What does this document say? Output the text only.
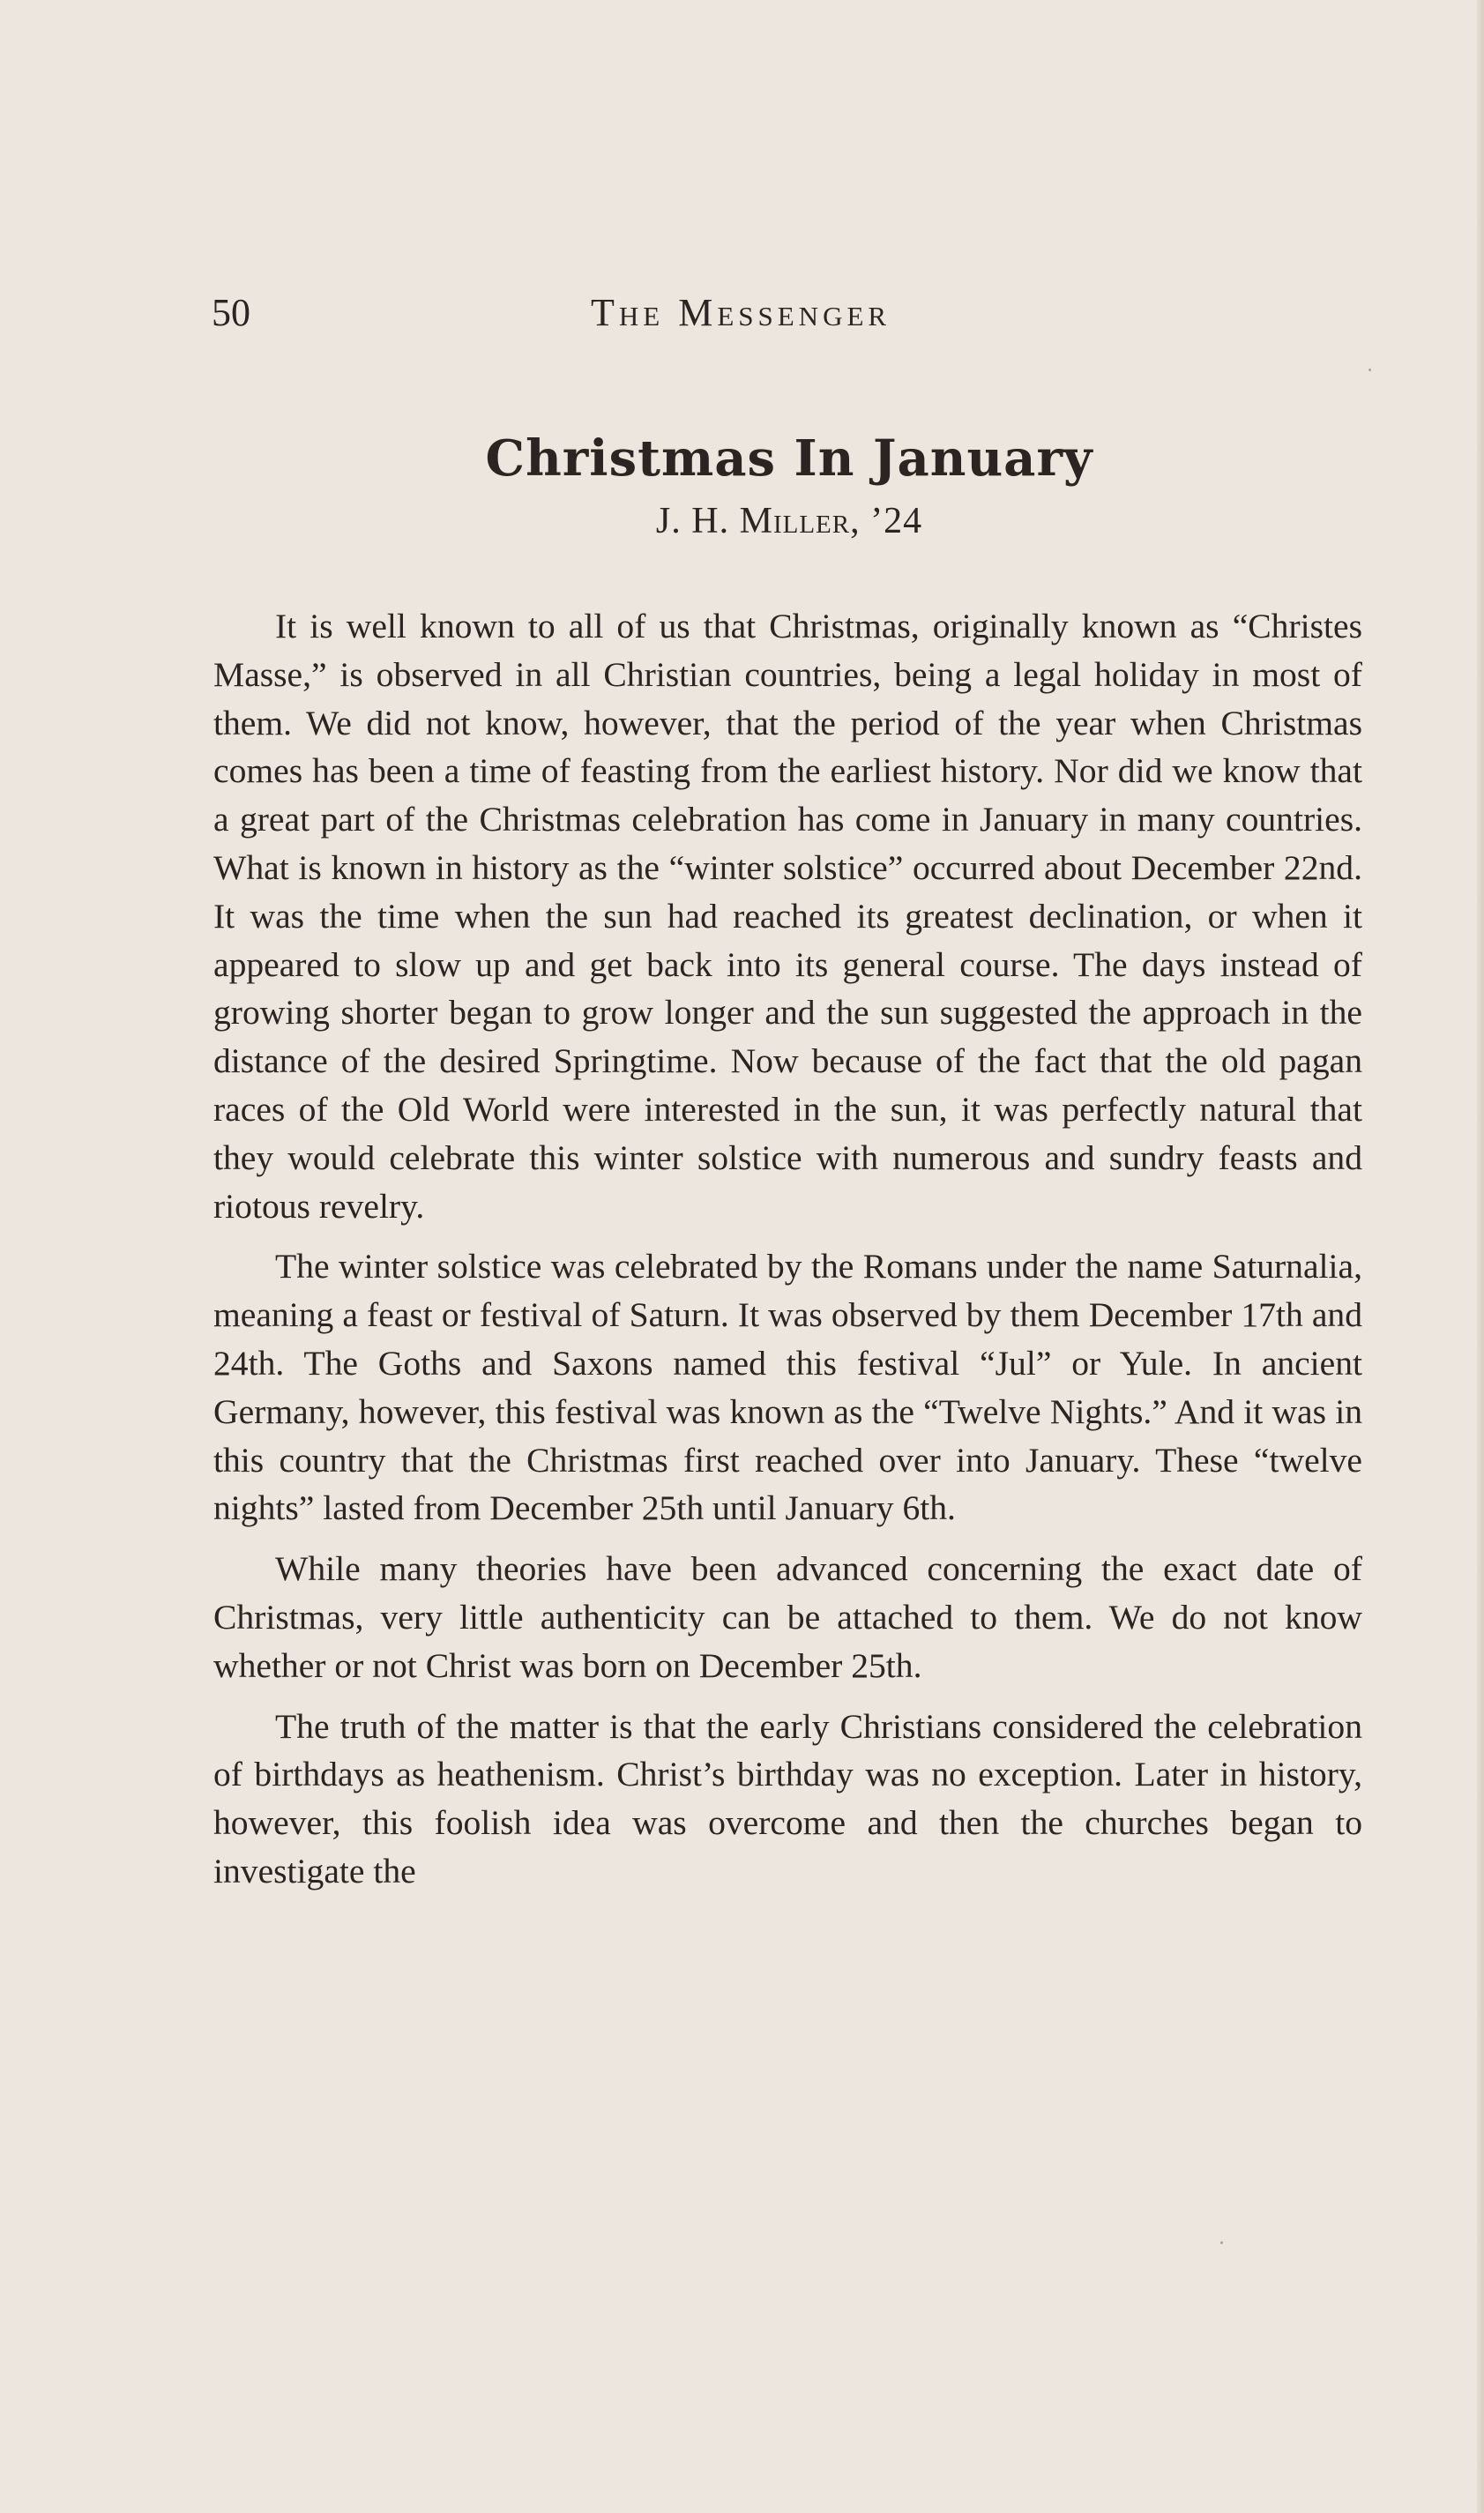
50	The Messenger
Christmas In January
J. H. Miller, ’24

It is well known to all of us that Christmas, originally known as “Christes Masse,” is observed in all Christian countries, being a legal holiday in most of them. We did not know, however, that the period of the year when Christmas comes has been a time of feasting from the earliest history. Nor did we know that a great part of the Christmas celebration has come in January in many countries. What is known in history as the “winter solstice” occurred about December 22nd. It was the time when the sun had reached its greatest declination, or when it appeared to slow up and get back into its general course. The days instead of growing shorter began to grow longer and the sun suggested the approach in the distance of the desired Springtime. Now because of the fact that the old pagan races of the Old World were interested in the sun, it was perfectly natural that they would celebrate this winter solstice with numerous and sundry feasts and riotous revelry.

The winter solstice was celebrated by the Romans under the name Saturnalia, meaning a feast or festival of Saturn. It was observed by them December 17th and 24th. The Goths and Saxons named this festival “Jul” or Yule. In ancient Germany, however, this festival was known as the “Twelve Nights.” And it was in this country that the Christmas first reached over into January. These “twelve nights” lasted from December 25th until January 6th.

While many theories have been advanced concerning the exact date of Christmas, very little authenticity can be attached to them. We do not know whether or not Christ was born on December 25th.

The truth of the matter is that the early Christians considered the celebration of birthdays as heathenism. Christ’s birthday was no exception. Later in history, however, this foolish idea was overcome and then the churches began to investigate the
